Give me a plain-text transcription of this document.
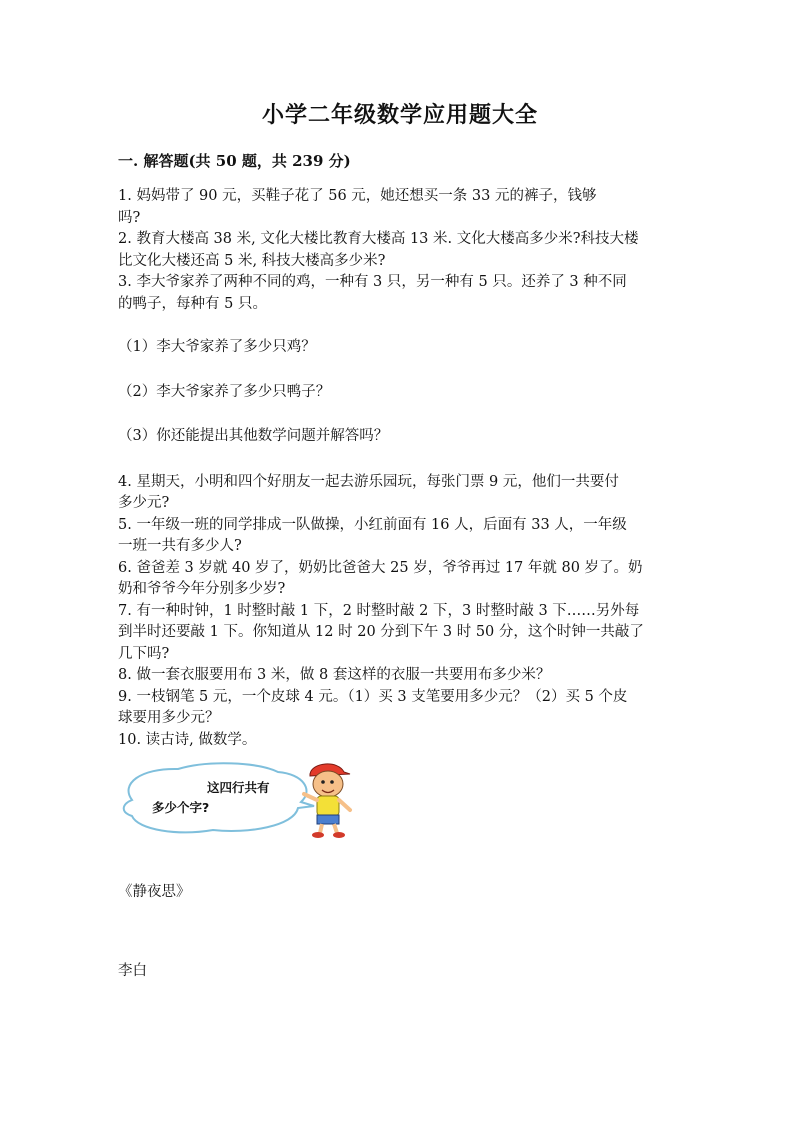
小学二年级数学应用题大全
一. 解答题(共 50 题，共 239 分)
1. 妈妈带了 90 元，买鞋子花了 56 元，她还想买一条 33 元的裤子，钱够
吗?
2. 教育大楼高 38 米, 文化大楼比教育大楼高 13 米. 文化大楼高多少米?科技大楼
比文化大楼还高 5 米, 科技大楼高多少米?
3. 李大爷家养了两种不同的鸡，一种有 3 只，另一种有 5 只。还养了 3 种不同
的鸭子，每种有 5 只。
（1）李大爷家养了多少只鸡？
（2）李大爷家养了多少只鸭子？
（3）你还能提出其他数学问题并解答吗？
4. 星期天，小明和四个好朋友一起去游乐园玩，每张门票 9 元，他们一共要付
多少元?
5. 一年级一班的同学排成一队做操，小红前面有 16 人，后面有 33 人，一年级
一班一共有多少人?
6. 爸爸差 3 岁就 40 岁了，奶奶比爸爸大 25 岁，爷爷再过 17 年就 80 岁了。奶
奶和爷爷今年分别多少岁?
7. 有一种时钟，1 时整时敲 1 下，2 时整时敲 2 下，3 时整时敲 3 下……另外每
到半时还要敲 1 下。你知道从 12 时 20 分到下午 3 时 50 分，这个时钟一共敲了
几下吗?
8. 做一套衣服要用布 3 米，做 8 套这样的衣服一共要用布多少米？
9. 一枝钢笔 5 元，一个皮球 4 元。（1）买 3 支笔要用多少元？（2）买 5 个皮
球要用多少元？
10. 读古诗, 做数学。
这四行共有
多少个字?
《静夜思》
李白
